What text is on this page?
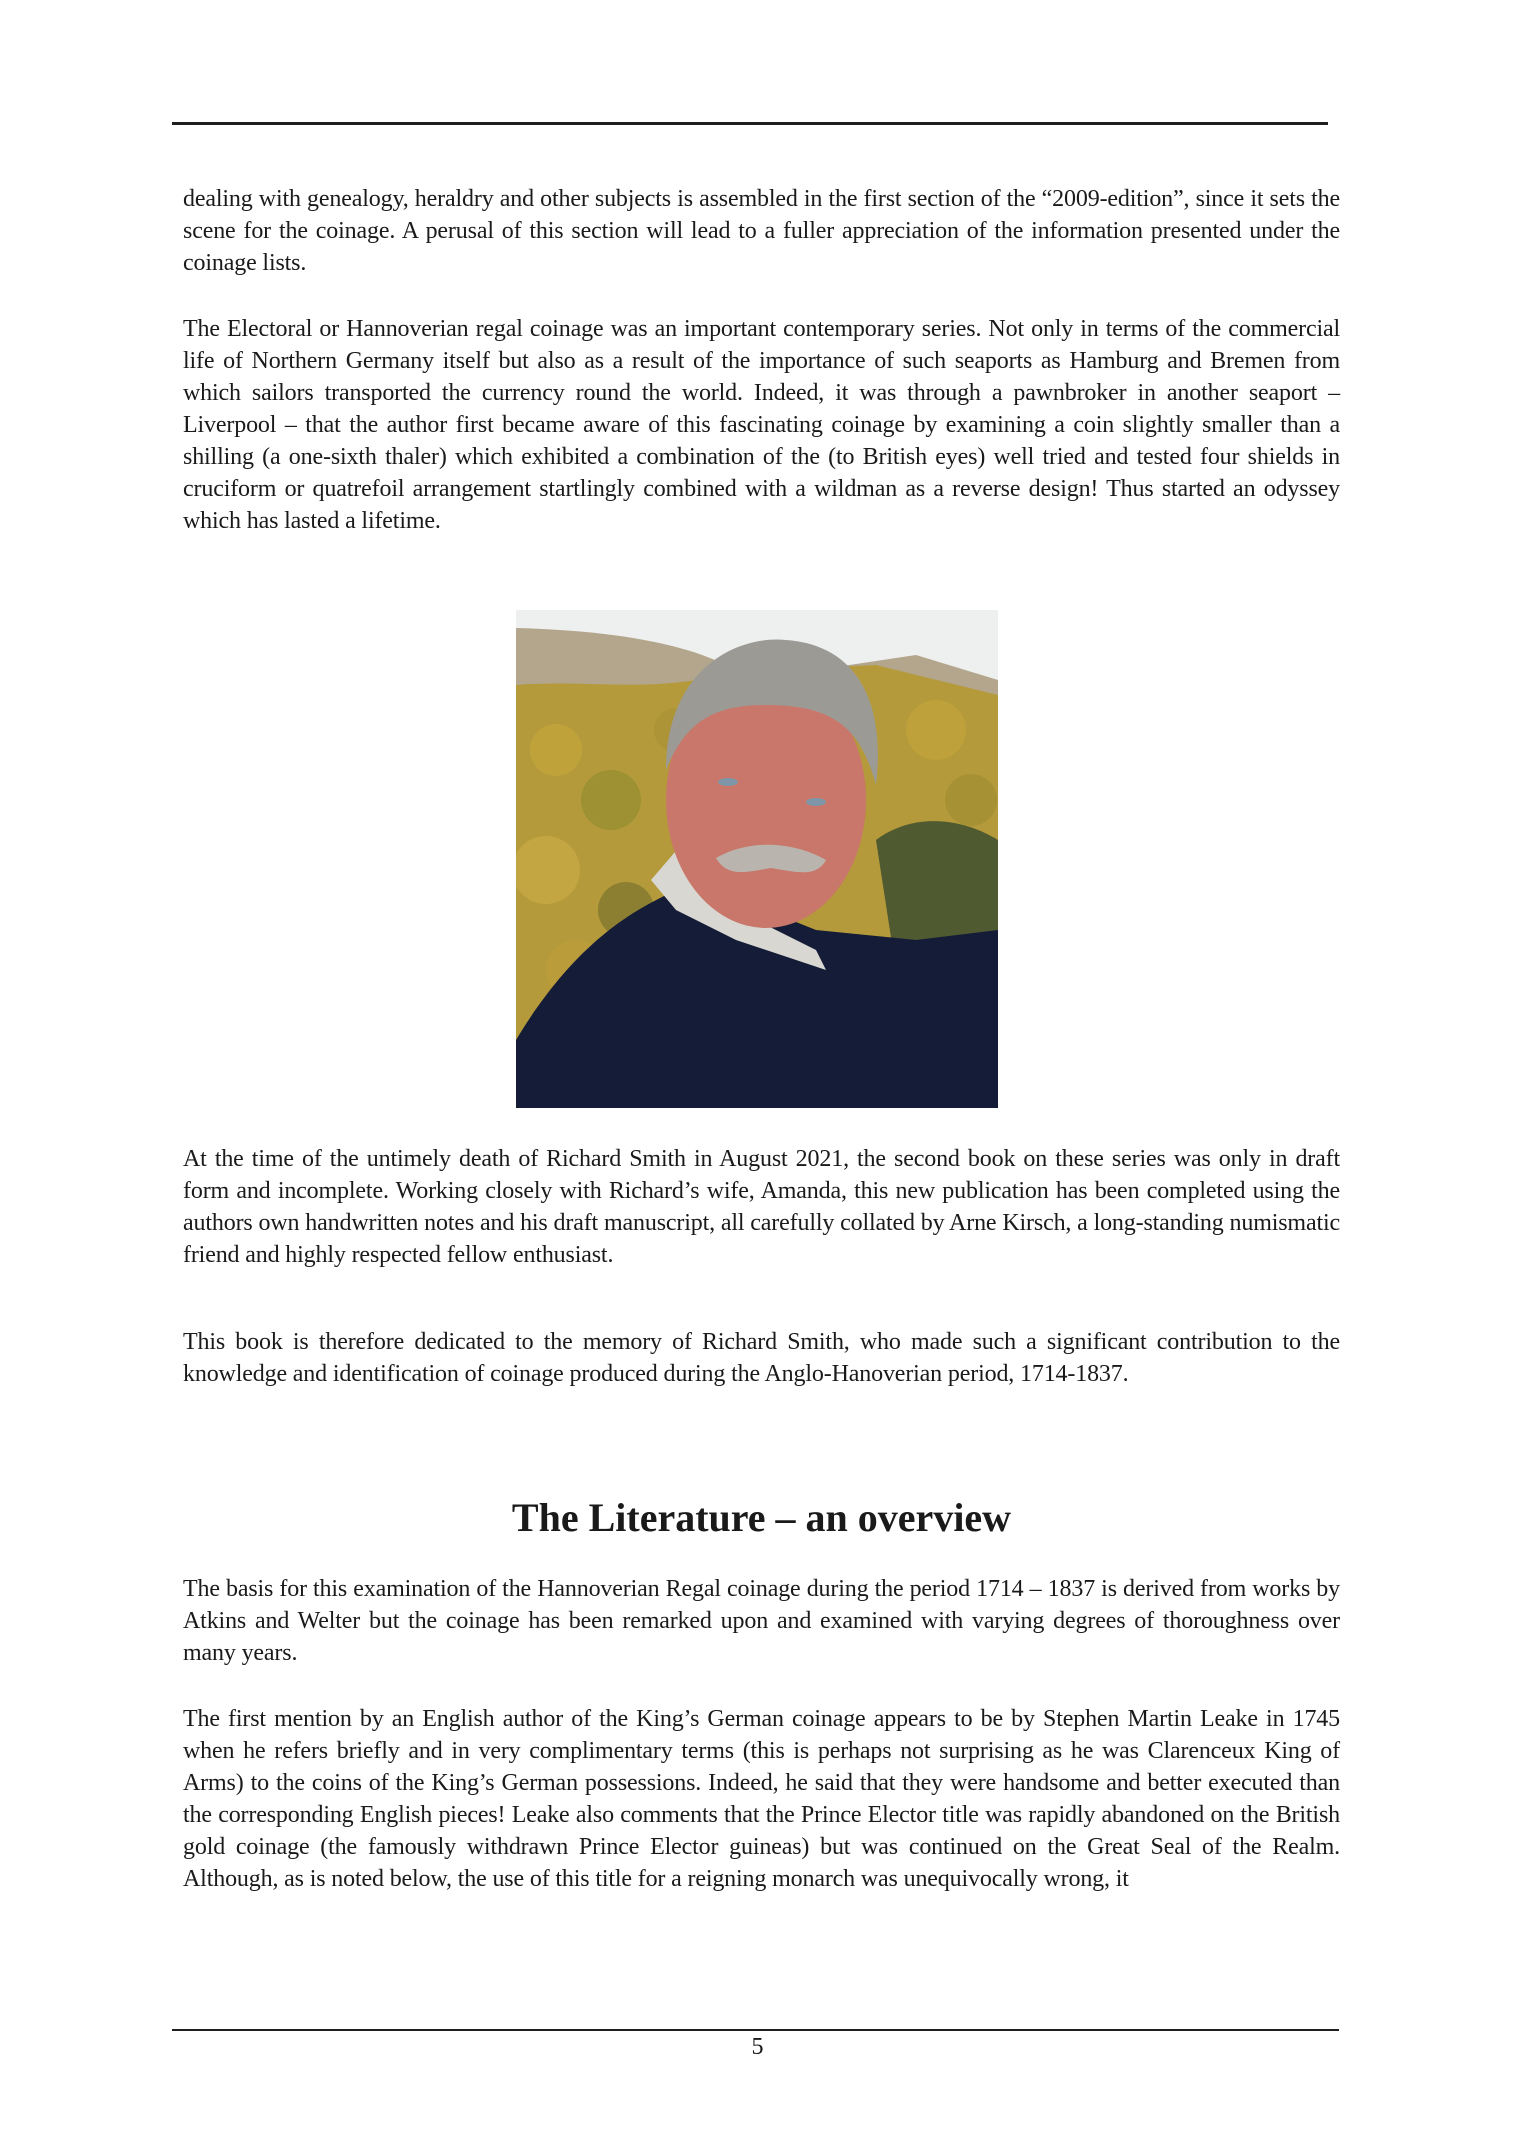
dealing with genealogy, heraldry and other subjects is assembled in the first section of the “2009-edition”, since it sets the scene for the coinage. A perusal of this section will lead to a fuller appreciation of the information presented under the coinage lists.

The Electoral or Hannoverian regal coinage was an important contemporary series. Not only in terms of the commercial life of Northern Germany itself but also as a result of the importance of such seaports as Hamburg and Bremen from which sailors transported the currency round the world. Indeed, it was through a pawnbroker in another seaport – Liverpool – that the author first became aware of this fascinating coinage by examining a coin slightly smaller than a shilling (a one-sixth thaler) which exhibited a combination of the (to British eyes) well tried and tested four shields in cruciform or quatrefoil arrangement startlingly combined with a wildman as a reverse design! Thus started an odyssey which has lasted a lifetime.

At the time of the untimely death of Richard Smith in August 2021, the second book on these series was only in draft form and incomplete. Working closely with Richard’s wife, Amanda, this new publication has been completed using the authors own handwritten notes and his draft manuscript, all carefully collated by Arne Kirsch, a long-standing numismatic friend and highly respected fellow enthusiast.

This book is therefore dedicated to the memory of Richard Smith, who made such a significant contribution to the knowledge and identification of coinage produced during the Anglo-Hanoverian period, 1714-1837.

The Literature – an overview

The basis for this examination of the Hannoverian Regal coinage during the period 1714 – 1837 is derived from works by Atkins and Welter but the coinage has been remarked upon and examined with varying degrees of thoroughness over many years.

The first mention by an English author of the King’s German coinage appears to be by Stephen Martin Leake in 1745 when he refers briefly and in very complimentary terms (this is perhaps not surprising as he was Clarenceux King of Arms) to the coins of the King’s German possessions. Indeed, he said that they were handsome and better executed than the corresponding English pieces! Leake also comments that the Prince Elector title was rapidly abandoned on the British gold coinage (the famously withdrawn Prince Elector guineas) but was continued on the Great Seal of the Realm. Although, as is noted below, the use of this title for a reigning monarch was unequivocally wrong, it

5
